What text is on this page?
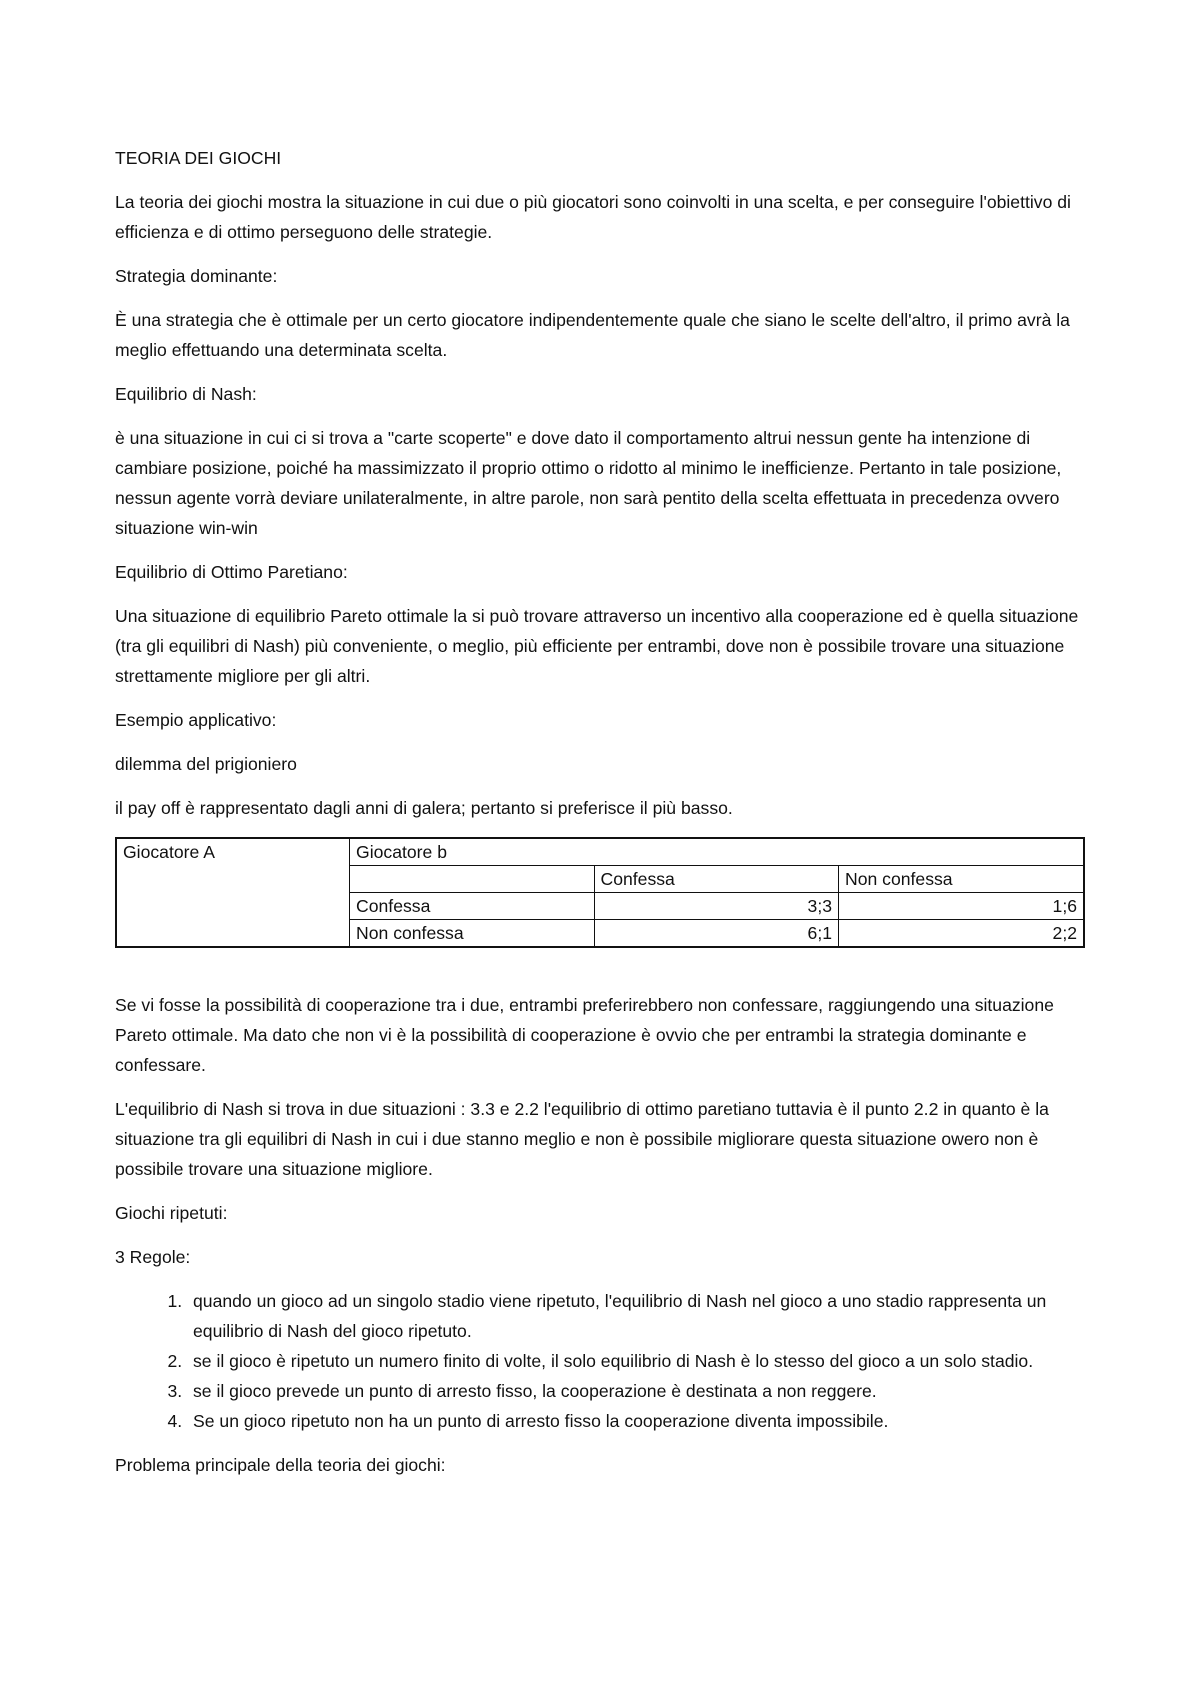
TEORIA DEI GIOCHI

La teoria dei giochi mostra la situazione in cui due o più giocatori sono coinvolti in una scelta, e per conseguire l'obiettivo di efficienza e di ottimo perseguono delle strategie.

Strategia dominante:

È una strategia che è ottimale per un certo giocatore indipendentemente quale che siano le scelte dell'altro, il primo avrà la meglio effettuando una determinata scelta.

Equilibrio di Nash:

è una situazione in cui ci si trova a "carte scoperte" e dove dato il comportamento altrui nessun gente ha intenzione di cambiare posizione, poiché ha massimizzato il proprio ottimo o ridotto al minimo le inefficienze. Pertanto in tale posizione, nessun agente vorrà deviare unilateralmente, in altre parole, non sarà pentito della scelta effettuata in precedenza ovvero situazione win-win

Equilibrio di Ottimo Paretiano:

Una situazione di equilibrio Pareto ottimale la si può trovare attraverso un incentivo alla cooperazione ed è quella situazione (tra gli equilibri di Nash) più conveniente, o meglio, più efficiente per entrambi, dove non è possibile trovare una situazione strettamente migliore per gli altri.

Esempio applicativo:

dilemma del prigioniero

il pay off è rappresentato dagli anni di galera; pertanto si preferisce il più basso.

Giocatore A	Giocatore b		
		Confessa	Non confessa
	Confessa	3;3	1;6
	Non confessa	6;1	2;2

Se vi fosse la possibilità di cooperazione tra i due, entrambi preferirebbero non confessare, raggiungendo una situazione Pareto ottimale. Ma dato che non vi è la possibilità di cooperazione è ovvio che per entrambi la strategia dominante e confessare.

L'equilibrio di Nash si trova in due situazioni : 3.3 e 2.2 l'equilibrio di ottimo paretiano tuttavia è il punto 2.2 in quanto è la situazione tra gli equilibri di Nash in cui i due stanno meglio e non è possibile migliorare questa situazione owero non è possibile trovare una situazione migliore.

Giochi ripetuti:

3 Regole:

1. quando un gioco ad un singolo stadio viene ripetuto, l'equilibrio di Nash nel gioco a uno stadio rappresenta un equilibrio di Nash del gioco ripetuto.
2. se il gioco è ripetuto un numero finito di volte, il solo equilibrio di Nash è lo stesso del gioco a un solo stadio.
3. se il gioco prevede un punto di arresto fisso, la cooperazione è destinata a non reggere.
4. Se un gioco ripetuto non ha un punto di arresto fisso la cooperazione diventa impossibile.

Problema principale della teoria dei giochi:
